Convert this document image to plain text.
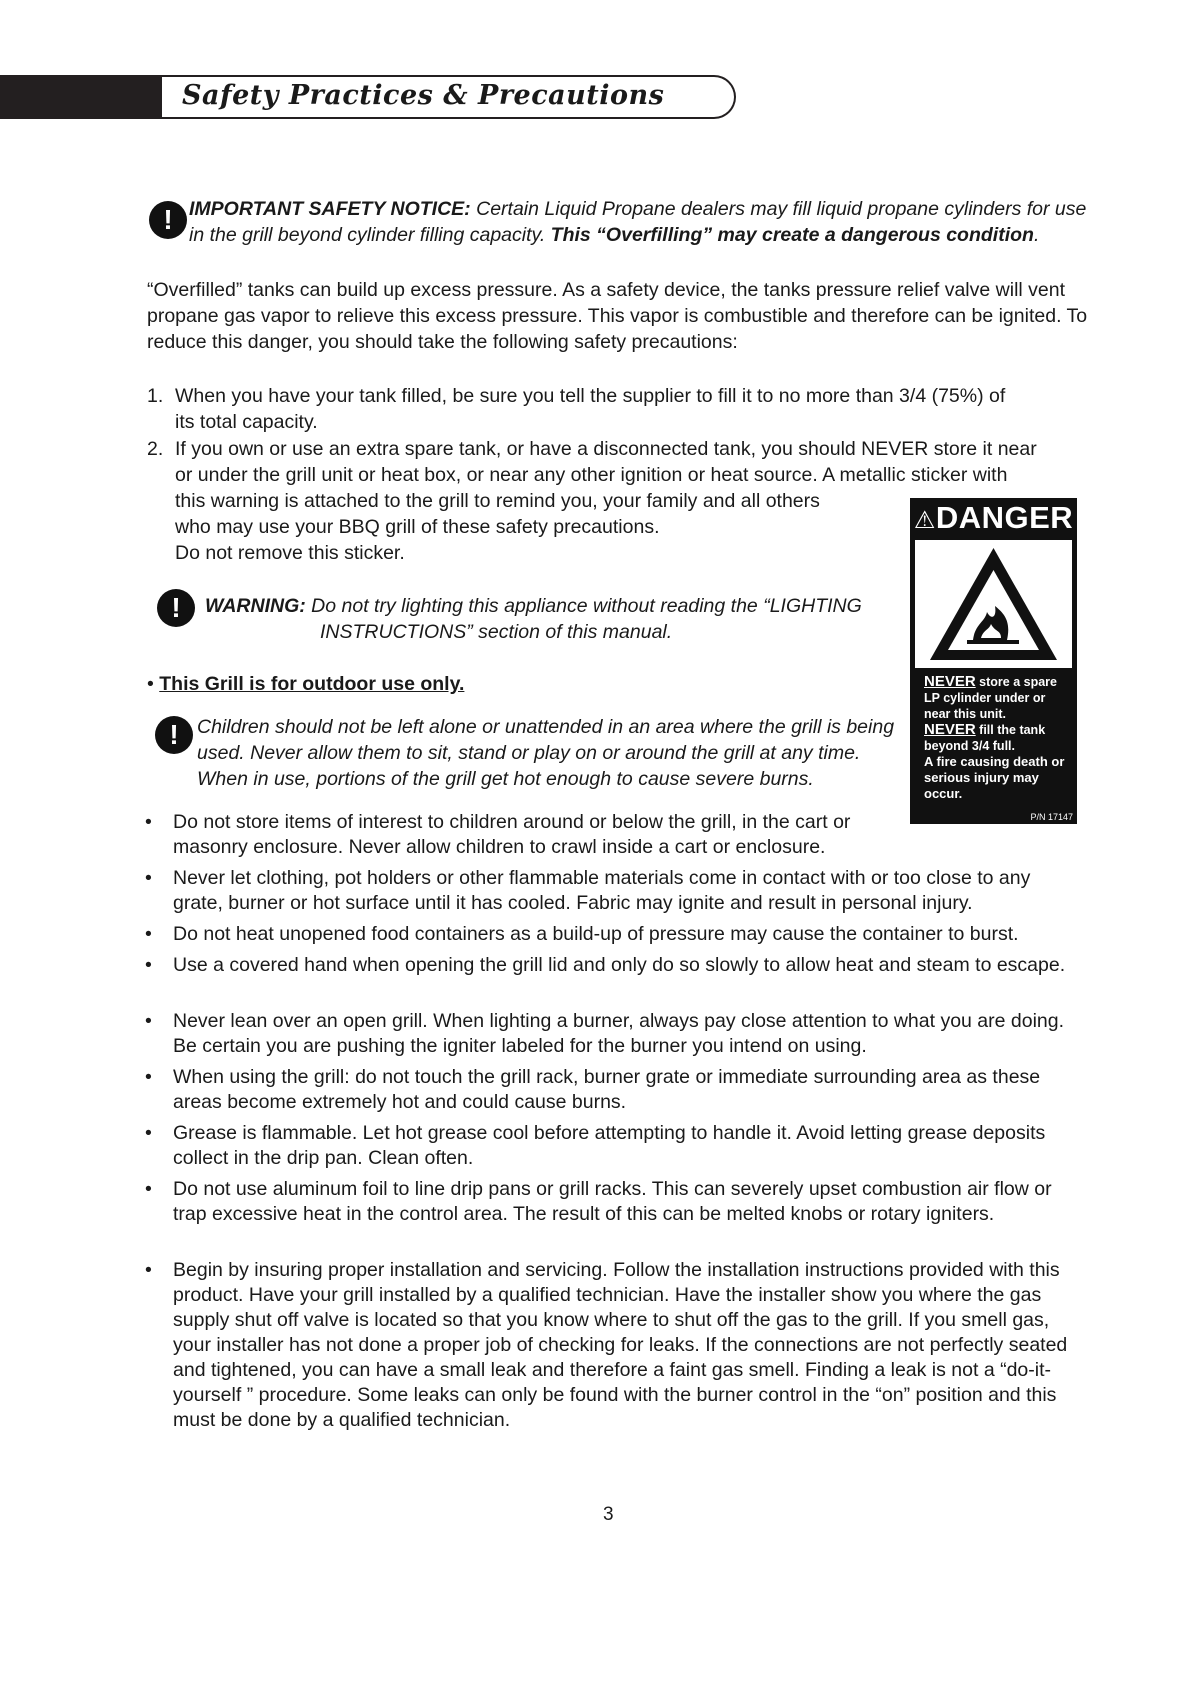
Safety Practices & Precautions
! IMPORTANT SAFETY NOTICE: Certain Liquid Propane dealers may fill liquid propane cylinders for use in the grill beyond cylinder filling capacity. This “Overfilling” may create a dangerous condition.
“Overfilled” tanks can build up excess pressure. As a safety device, the tanks pressure relief valve will vent propane gas vapor to relieve this excess pressure. This vapor is combustible and therefore can be ignited. To reduce this danger, you should take the following safety precautions:
1. When you have your tank filled, be sure you tell the supplier to fill it to no more than 3/4 (75%) of
its total capacity.
2. If you own or use an extra spare tank, or have a disconnected tank, you should NEVER store it near
or under the grill unit or heat box, or near any other ignition or heat source. A metallic sticker with
this warning is attached to the grill to remind you, your family and all others
who may use your BBQ grill of these safety precautions.
Do not remove this sticker.
!	WARNING: Do not try lighting this appliance without reading the “LIGHTING
INSTRUCTIONS” section of this manual.
• This Grill is for outdoor use only.
! Children should not be left alone or unattended in an area where the grill is being
used. Never allow them to sit, stand or play on or around the grill at any time.
When in use, portions of the grill get hot enough to cause severe burns.
• Do not store items of interest to children around or below the grill, in the cart or masonry enclosure. Never allow children to crawl inside a cart or enclosure.
• Never let clothing, pot holders or other flammable materials come in contact with or too close to any grate, burner or hot surface until it has cooled. Fabric may ignite and result in personal injury.
• Do not heat unopened food containers as a build-up of pressure may cause the container to burst.
• Use a covered hand when opening the grill lid and only do so slowly to allow heat and steam to escape.
• Never lean over an open grill. When lighting a burner, always pay close attention to what you are doing. Be certain you are pushing the igniter labeled for the burner you intend on using.
• When using the grill: do not touch the grill rack, burner grate or immediate surrounding area as these areas become extremely hot and could cause burns.
• Grease is flammable. Let hot grease cool before attempting to handle it. Avoid letting grease deposits collect in the drip pan. Clean often.
• Do not use aluminum foil to line drip pans or grill racks. This can severely upset combustion air flow or trap excessive heat in the control area. The result of this can be melted knobs or rotary igniters.
• Begin by insuring proper installation and servicing. Follow the installation instructions provided with this product. Have your grill installed by a qualified technician. Have the installer show you where the gas supply shut off valve is located so that you know where to shut off the gas to the grill. If you smell gas, your installer has not done a proper job of checking for leaks. If the connections are not perfectly seated and tightened, you can have a small leak and therefore a faint gas smell. Finding a leak is not a “do-it-yourself ” procedure. Some leaks can only be found with the burner control in the “on” position and this must be done by a qualified technician.
⚠DANGER
NEVER store a spare LP cylinder under or near this unit.
NEVER fill the tank beyond 3/4 full.
A fire causing death or serious injury may occur.
P/N 17147
3
